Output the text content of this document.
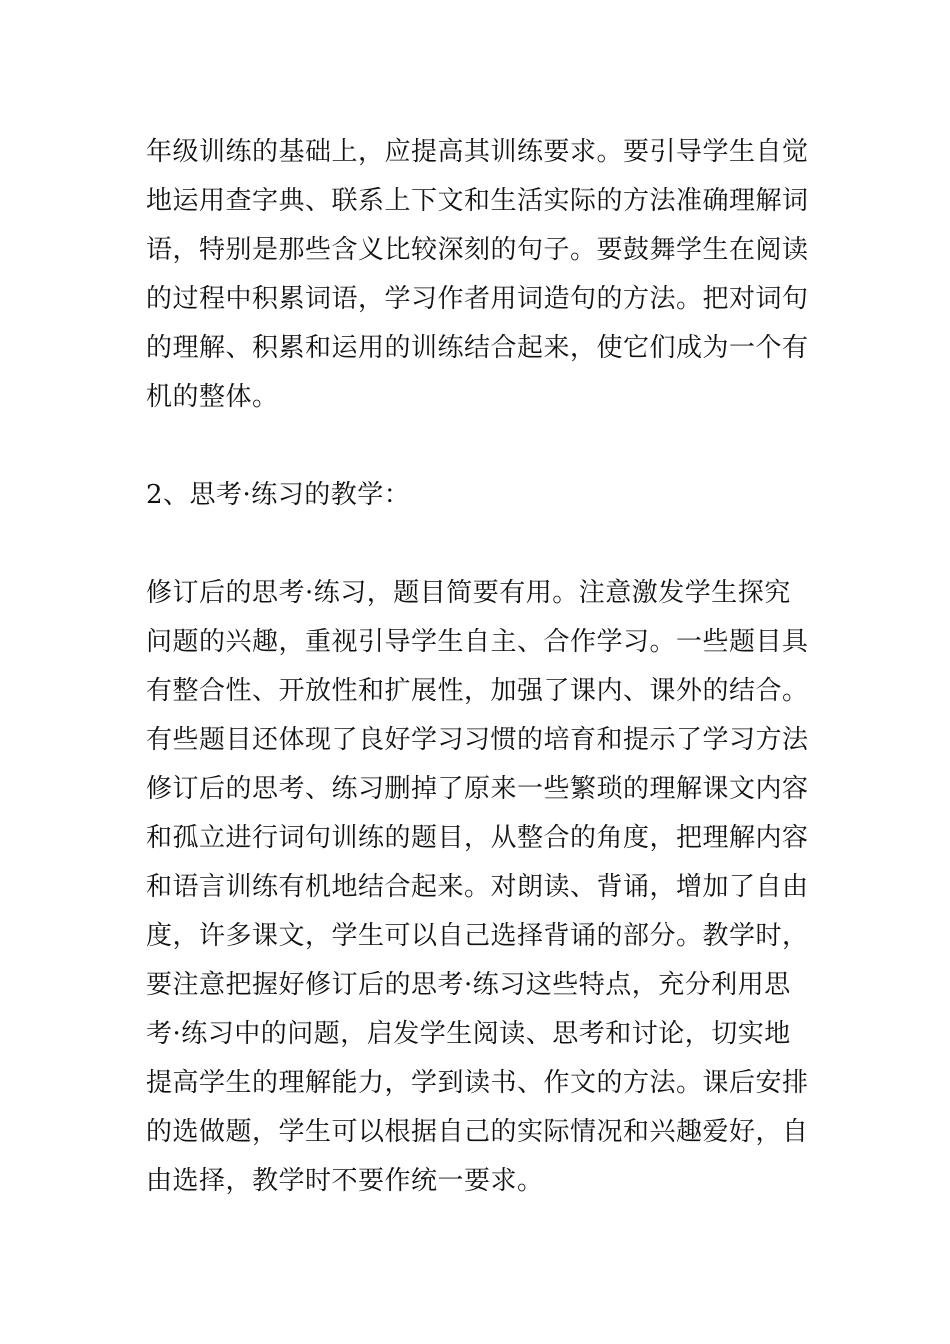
年级训练的基础上，应提高其训练要求。要引导学生自觉
地运用查字典、联系上下文和生活实际的方法准确理解词
语，特别是那些含义比较深刻的句子。要鼓舞学生在阅读
的过程中积累词语，学习作者用词造句的方法。把对词句
的理解、积累和运用的训练结合起来，使它们成为一个有
机的整体。
2、思考·练习的教学：
修订后的思考·练习，题目简要有用。注意激发学生探究
问题的兴趣，重视引导学生自主、合作学习。一些题目具
有整合性、开放性和扩展性，加强了课内、课外的结合。
有些题目还体现了良好学习习惯的培育和提示了学习方法
修订后的思考、练习删掉了原来一些繁琐的理解课文内容
和孤立进行词句训练的题目，从整合的角度，把理解内容
和语言训练有机地结合起来。对朗读、背诵，增加了自由
度，许多课文，学生可以自己选择背诵的部分。教学时，
要注意把握好修订后的思考·练习这些特点，充分利用思
考·练习中的问题，启发学生阅读、思考和讨论，切实地
提高学生的理解能力，学到读书、作文的方法。课后安排
的选做题，学生可以根据自己的实际情况和兴趣爱好，自
由选择，教学时不要作统一要求。
